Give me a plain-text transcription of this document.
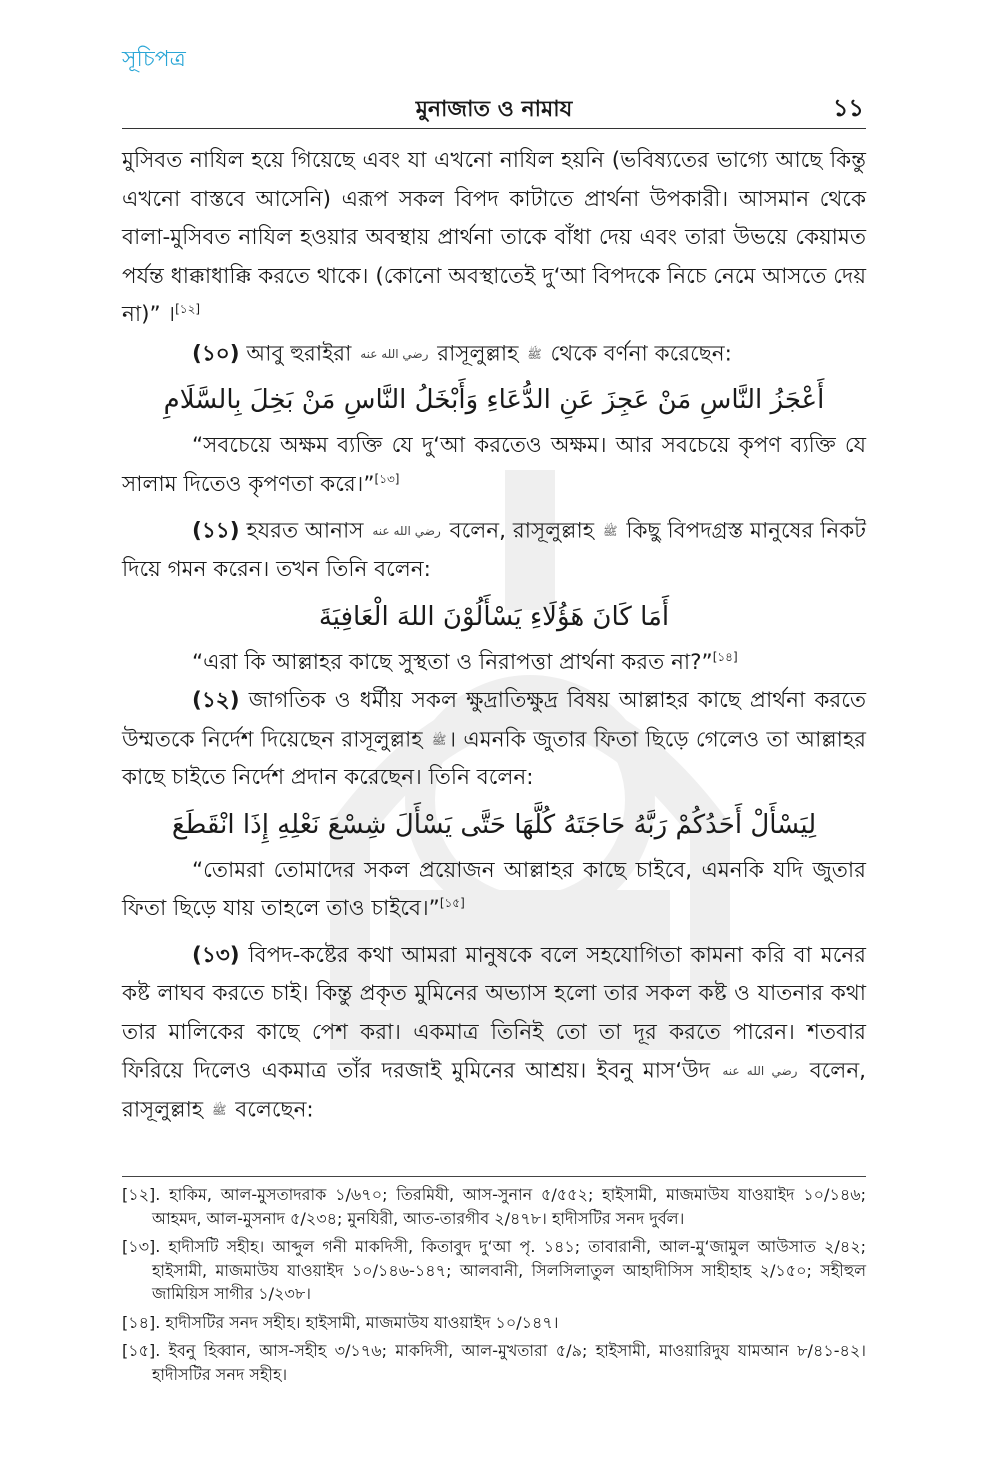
সূচিপত্র
মুনাজাত ও নামায	১১

মুসিবত নাযিল হয়ে গিয়েছে এবং যা এখনো নাযিল হয়নি (ভবিষ্যতের ভাগ্যে আছে কিন্তু এখনো বাস্তবে আসেনি) এরূপ সকল বিপদ কাটাতে প্রার্থনা উপকারী। আসমান থেকে বালা-মুসিবত নাযিল হওয়ার অবস্থায় প্রার্থনা তাকে বাঁধা দেয় এবং তারা উভয়ে কেয়ামত পর্যন্ত ধাক্কাধাক্কি করতে থাকে। (কোনো অবস্থাতেই দু‘আ বিপদকে নিচে নেমে আসতে দেয় না)” ।[১২]

(১০) আবু হুরাইরা رضي الله عنه রাসূলুল্লাহ ﷺ থেকে বর্ণনা করেছেন:

أَعْجَزُ النَّاسِ مَنْ عَجِزَ عَنِ الدُّعَاءِ وَأَبْخَلُ النَّاسِ مَنْ بَخِلَ بِالسَّلَامِ

“সবচেয়ে অক্ষম ব্যক্তি যে দু‘আ করতেও অক্ষম। আর সবচেয়ে কৃপণ ব্যক্তি যে সালাম দিতেও কৃপণতা করে।”[১৩]

(১১) হযরত আনাস رضي الله عنه বলেন, রাসূলুল্লাহ ﷺ কিছু বিপদগ্রস্ত মানুষের নিকট দিয়ে গমন করেন। তখন তিনি বলেন:

أَمَا كَانَ هَؤُلَاءِ يَسْأَلُوْنَ اللهَ الْعَافِيَةَ

“এরা কি আল্লাহর কাছে সুস্থতা ও নিরাপত্তা প্রার্থনা করত না?”[১৪]

(১২) জাগতিক ও ধর্মীয় সকল ক্ষুদ্রাতিক্ষুদ্র বিষয় আল্লাহর কাছে প্রার্থনা করতে উম্মতকে নির্দেশ দিয়েছেন রাসূলুল্লাহ ﷺ। এমনকি জুতার ফিতা ছিড়ে গেলেও তা আল্লাহর কাছে চাইতে নির্দেশ প্রদান করেছেন। তিনি বলেন:

لِيَسْأَلْ أَحَدُكُمْ رَبَّهُ حَاجَتَهُ كُلَّهَا حَتَّى يَسْأَلَ شِسْعَ نَعْلِهِ إِذَا انْقَطَعَ

“তোমরা তোমাদের সকল প্রয়োজন আল্লাহর কাছে চাইবে, এমনকি যদি জুতার ফিতা ছিড়ে যায় তাহলে তাও চাইবে।”[১৫]

(১৩) বিপদ-কষ্টের কথা আমরা মানুষকে বলে সহযোগিতা কামনা করি বা মনের কষ্ট লাঘব করতে চাই। কিন্তু প্রকৃত মুমিনের অভ্যাস হলো তার সকল কষ্ট ও যাতনার কথা তার মালিকের কাছে পেশ করা। একমাত্র তিনিই তো তা দূর করতে পারেন। শতবার ফিরিয়ে দিলেও একমাত্র তাঁর দরজাই মুমিনের আশ্রয়। ইবনু মাস‘উদ رضي الله عنه বলেন, রাসূলুল্লাহ ﷺ বলেছেন:

[১২]. হাকিম, আল-মুসতাদরাক ১/৬৭০; তিরমিযী, আস-সুনান ৫/৫৫২; হাইসামী, মাজমাউয যাওয়াইদ ১০/১৪৬; আহমদ, আল-মুসনাদ ৫/২৩৪; মুনযিরী, আত-তারগীব ২/৪৭৮। হাদীসটির সনদ দুর্বল।

[১৩]. হাদীসটি সহীহ। আব্দুল গনী মাকদিসী, কিতাবুদ দু‘আ পৃ. ১৪১; তাবারানী, আল-মু‘জামুল আউসাত ২/৪২; হাইসামী, মাজমাউয যাওয়াইদ ১০/১৪৬-১৪৭; আলবানী, সিলসিলাতুল আহাদীসিস সাহীহাহ ২/১৫০; সহীহুল জামিয়িস সাগীর ১/২৩৮।

[১৪]. হাদীসটির সনদ সহীহ। হাইসামী, মাজমাউয যাওয়াইদ ১০/১৪৭।

[১৫]. ইবনু হিব্বান, আস-সহীহ ৩/১৭৬; মাকদিসী, আল-মুখতারা ৫/৯; হাইসামী, মাওয়ারিদুয যামআন ৮/৪১-৪২। হাদীসটির সনদ সহীহ।
